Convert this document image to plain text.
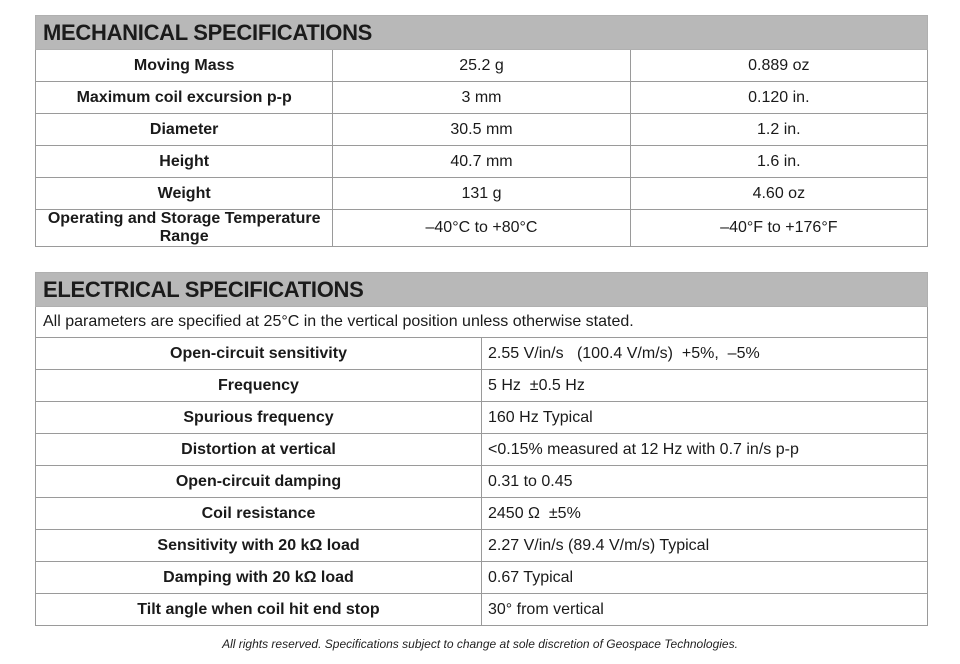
MECHANICAL SPECIFICATIONS		
Moving Mass	25.2 g	0.889 oz
Maximum coil excursion p-p	3 mm	0.120 in.
Diameter	30.5 mm	1.2 in.
Height	40.7 mm	1.6 in.
Weight	131 g	4.60 oz
Operating and Storage Temperature Range	–40°C to +80°C	–40°F to +176°F
ELECTRICAL SPECIFICATIONS	
All parameters are specified at 25°C in the vertical position unless otherwise stated.	
Open-circuit sensitivity	2.55 V/in/s   (100.4 V/m/s)  +5%,  –5%
Frequency	5 Hz  ±0.5 Hz
Spurious frequency	160 Hz Typical
Distortion at vertical	<0.15% measured at 12 Hz with 0.7 in/s p-p
Open-circuit damping	0.31 to 0.45
Coil resistance	2450 Ω  ±5%
Sensitivity with 20 kΩ load	2.27 V/in/s (89.4 V/m/s) Typical
Damping with 20 kΩ load	0.67 Typical
Tilt angle when coil hit end stop	30° from vertical
All rights reserved. Specifications subject to change at sole discretion of Geospace Technologies.
